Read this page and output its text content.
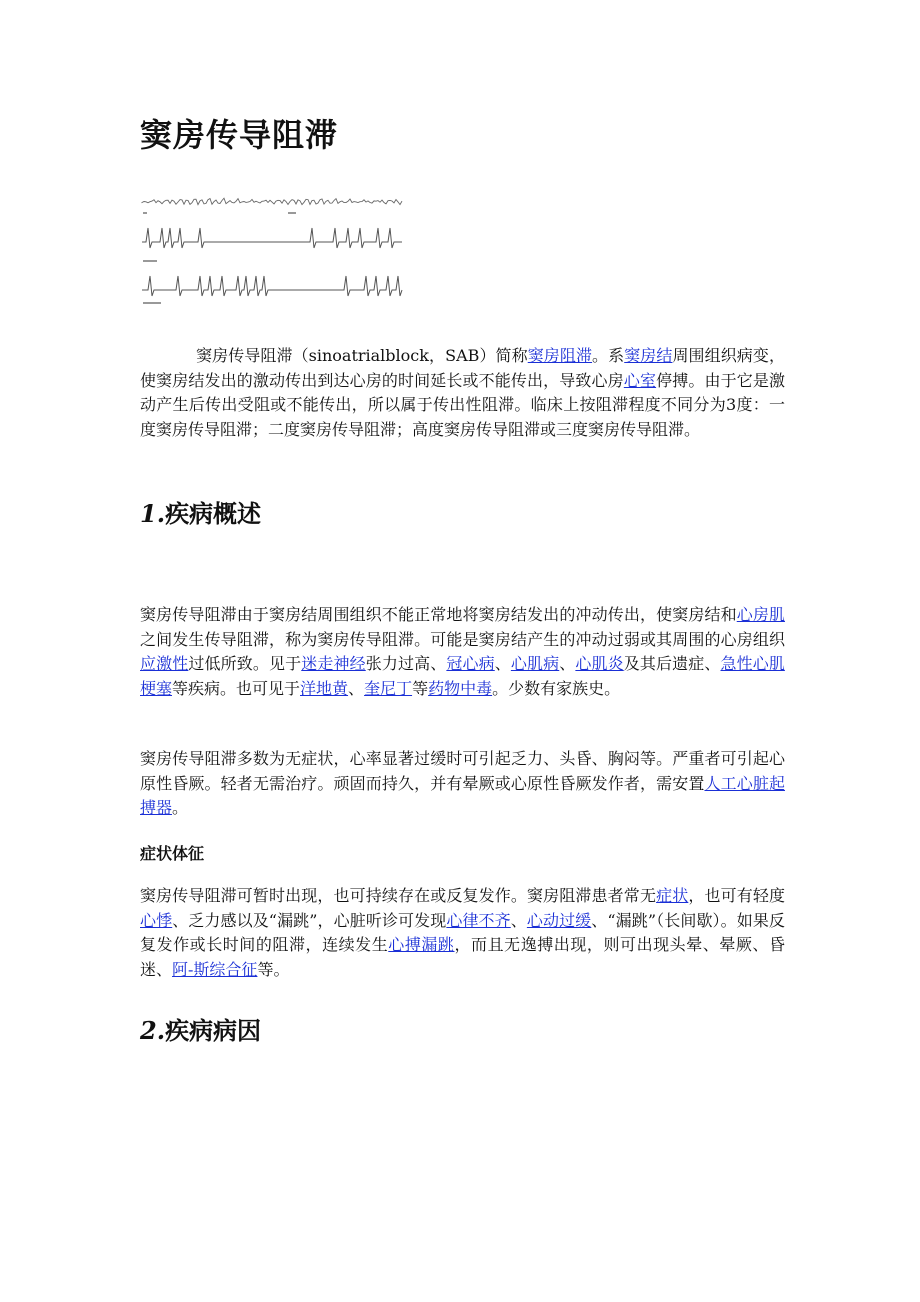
窦房传导阻滞

窦房传导阻滞（sinoatrialblock，SAB）简称窦房阻滞。系窦房结周围组织病变，使窦房结发出的激动传出到达心房的时间延长或不能传出，导致心房心室停搏。由于它是激动产生后传出受阻或不能传出，所以属于传出性阻滞。临床上按阻滞程度不同分为3度：一度窦房传导阻滞；二度窦房传导阻滞；高度窦房传导阻滞或三度窦房传导阻滞。

1.疾病概述

窦房传导阻滞由于窦房结周围组织不能正常地将窦房结发出的冲动传出，使窦房结和心房肌之间发生传导阻滞，称为窦房传导阻滞。可能是窦房结产生的冲动过弱或其周围的心房组织应激性过低所致。见于迷走神经张力过高、冠心病、心肌病、心肌炎及其后遗症、急性心肌梗塞等疾病。也可见于洋地黄、奎尼丁等药物中毒。少数有家族史。

窦房传导阻滞多数为无症状，心率显著过缓时可引起乏力、头昏、胸闷等。严重者可引起心原性昏厥。轻者无需治疗。顽固而持久，并有晕厥或心原性昏厥发作者，需安置人工心脏起搏器。

症状体征

窦房传导阻滞可暂时出现，也可持续存在或反复发作。窦房阻滞患者常无症状，也可有轻度心悸、乏力感以及“漏跳”，心脏听诊可发现心律不齐、心动过缓、“漏跳”（长间歇）。如果反复发作或长时间的阻滞，连续发生心搏漏跳，而且无逸搏出现，则可出现头晕、晕厥、昏迷、阿-斯综合征等。

2.疾病病因
